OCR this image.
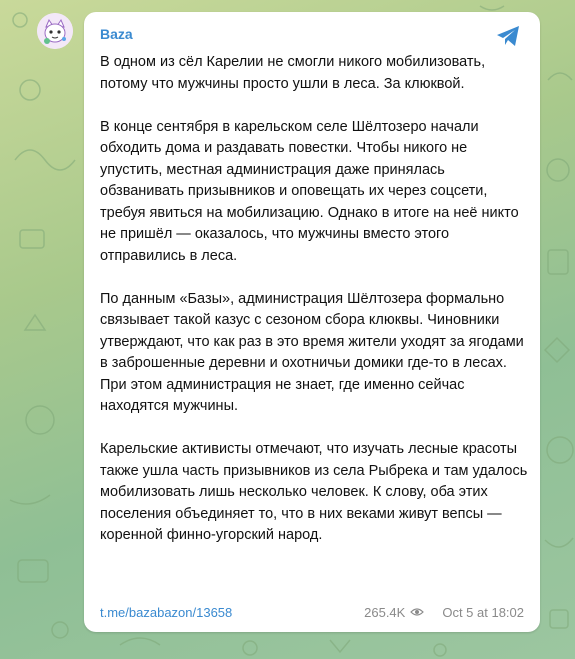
Baza

В одном из сёл Карелии не смогли никого мобилизовать, потому что мужчины просто ушли в леса. За клюквой.

В конце сентября в карельском селе Шёлтозеро начали обходить дома и раздавать повестки. Чтобы никого не упустить, местная администрация даже принялась обзванивать призывников и оповещать их через соцсети, требуя явиться на мобилизацию. Однако в итоге на неё никто не пришёл — оказалось, что мужчины вместо этого отправились в леса.

По данным «Базы», администрация Шёлтозера формально связывает такой казус с сезоном сбора клюквы. Чиновники утверждают, что как раз в это время жители уходят за ягодами в заброшенные деревни и охотничьи домики где-то в лесах. При этом администрация не знает, где именно сейчас находятся мужчины.

Карельские активисты отмечают, что изучать лесные красоты также ушла часть призывников из села Рыбрека и там удалось мобилизовать лишь несколько человек. К слову, оба этих поселения объединяет то, что в них веками живут вепсы — коренной финно-угорский народ.

t.me/bazabazon/13658	265.4K	Oct 5 at 18:02
